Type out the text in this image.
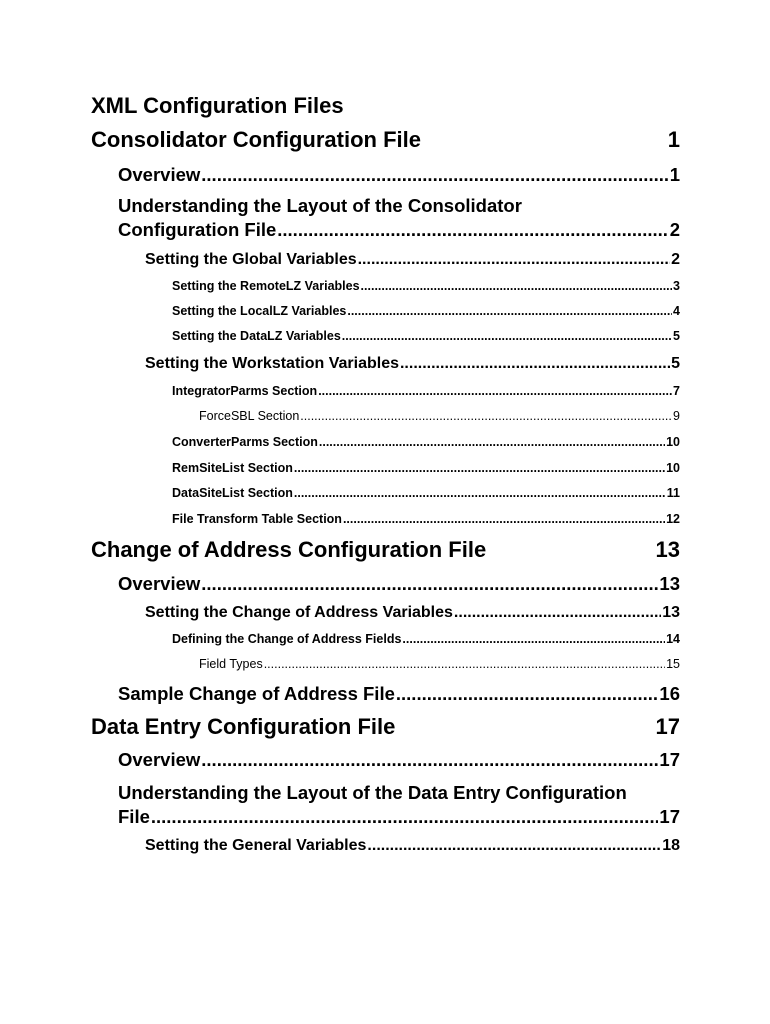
XML Configuration Files
Consolidator Configuration File	1
Overview .....	1
Understanding the Layout of the Consolidator
Configuration File .....	2
Setting the Global Variables .....	2
Setting the RemoteLZ Variables .....	3
Setting the LocalLZ Variables .....	4
Setting the DataLZ Variables .....	5
Setting the Workstation Variables .....	5
IntegratorParms Section .....	7
ForceSBL Section .....	9
ConverterParms Section .....	10
RemSiteList Section .....	10
DataSiteList Section .....	11
File Transform Table Section .....	12
Change of Address Configuration File	13
Overview .....	13
Setting the Change of Address Variables .....	13
Defining the Change of Address Fields .....	14
Field Types .....	15
Sample Change of Address File .....	16
Data Entry Configuration File	17
Overview .....	17
Understanding the Layout of the Data Entry Configuration
File .....	17
Setting the General Variables .....	18
